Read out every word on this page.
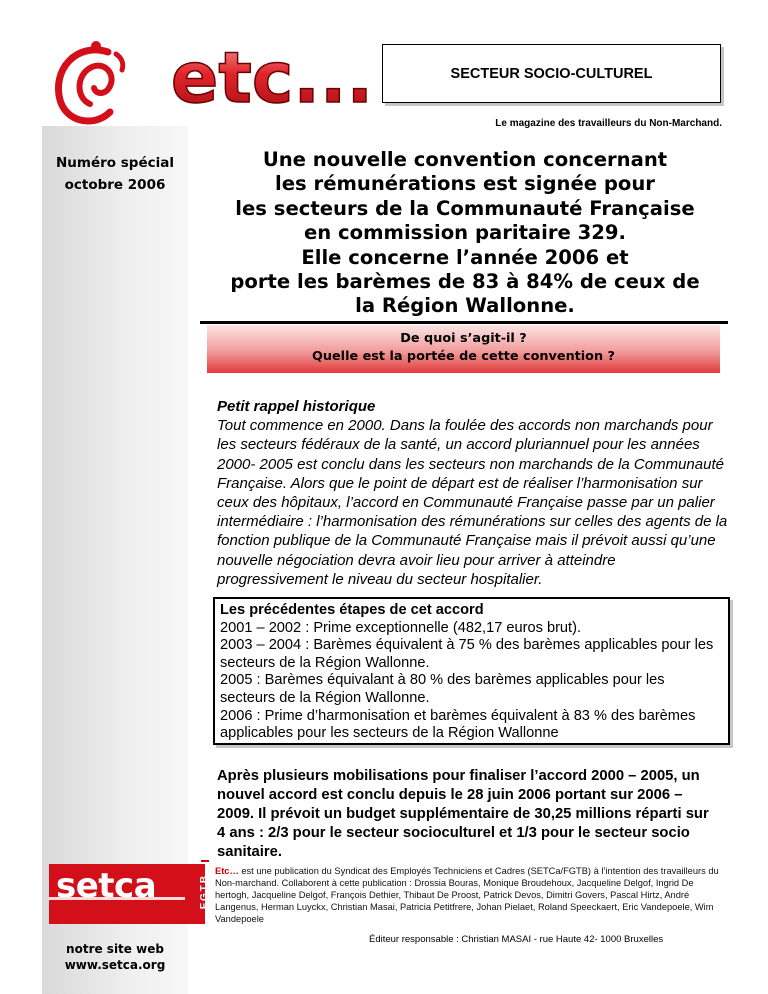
etc...	SECTEUR SOCIO-CULTUREL
Le magazine des travailleurs du Non-Marchand.
Numéro spécial
octobre 2006
Une nouvelle convention concernant
les rémunérations est signée pour
les secteurs de la Communauté Française
en commission paritaire 329.
Elle concerne l’année 2006 et
porte les barèmes de 83 à 84% de ceux de
la Région Wallonne.
De quoi s’agit-il ?
Quelle est la portée de cette convention ?
Petit rappel historique
Tout commence en 2000. Dans la foulée des accords non marchands pour les secteurs fédéraux de la santé, un accord pluriannuel pour les années 2000- 2005 est conclu dans les secteurs non marchands de la Communauté Française. Alors que le point de départ est de réaliser l’harmonisation sur ceux des hôpitaux, l’accord en Communauté Française passe par un palier intermédiaire : l’harmonisation des rémunérations sur celles des agents de la fonction publique de la Communauté Française mais il prévoit aussi qu’une nouvelle négociation devra avoir lieu pour arriver à atteindre progressivement le niveau du secteur hospitalier.
Les précédentes étapes de cet accord
2001 – 2002 : Prime exceptionnelle (482,17 euros brut).
2003 – 2004 : Barèmes équivalent à 75 % des barèmes applicables pour les secteurs de la Région Wallonne.
2005 : Barèmes équivalant à 80 % des barèmes applicables pour les secteurs de la Région Wallonne.
2006 : Prime d’harmonisation et barèmes équivalent à 83 % des barèmes applicables pour les secteurs de la Région Wallonne
Après plusieurs mobilisations pour finaliser l’accord 2000 – 2005, un nouvel accord est conclu depuis le 28 juin 2006 portant sur 2006 – 2009. Il prévoit un budget supplémentaire de 30,25 millions réparti sur 4 ans : 2/3 pour le secteur socioculturel et 1/3 pour le secteur socio sanitaire.
Etc… est une publication du Syndicat des Employés Techniciens et Cadres (SETCa/FGTB) à l’intention des travailleurs du Non-marchand. Collaborent à cette publication : Drossia Bouras, Monique Broudehoux, Jacqueline Delgof, Ingrid De hertogh, Jacqueline Delgof, François Dethier, Thibaut De Proost, Patrick Devos, Dimitri Govers, Pascal Hirtz, André Langenus, Herman Luyckx, Christian Masai, Patricia Petitfrere, Johan Pielaet, Roland Speeckaert, Eric Vandepoele, Wim Vandepoele
Éditeur responsable : Christian MASAI - rue Haute 42- 1000 Bruxelles
setca	FGTB
notre site web
www.setca.org
